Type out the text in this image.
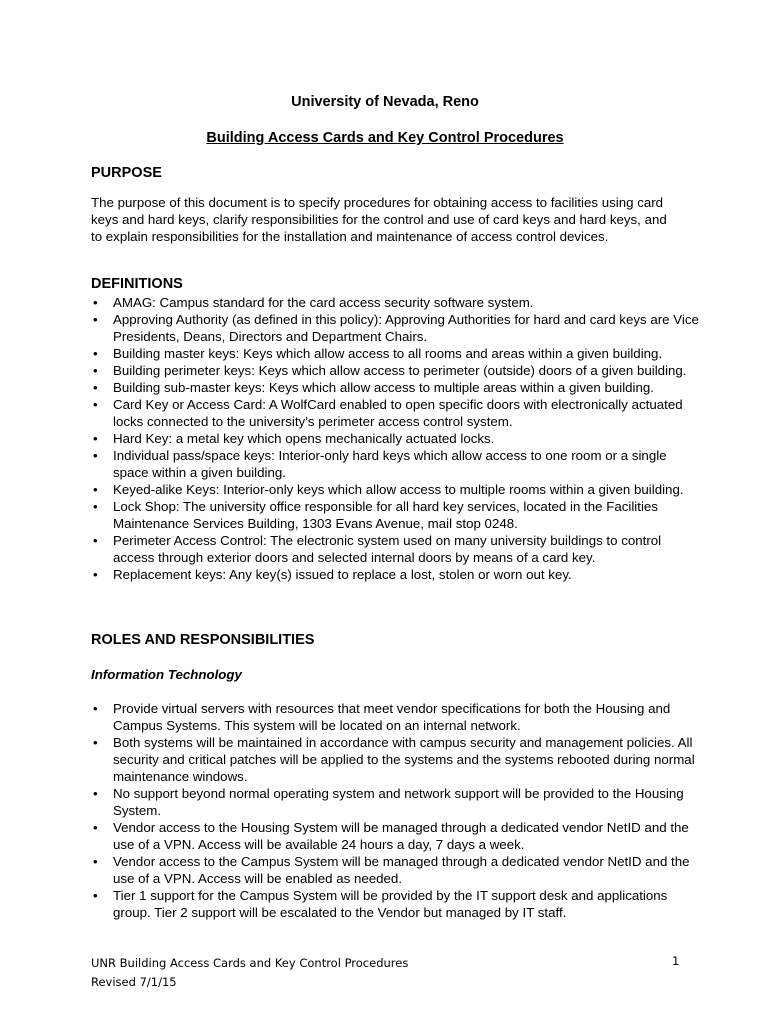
University of Nevada, Reno
Building Access Cards and Key Control Procedures
PURPOSE
The purpose of this document is to specify procedures for obtaining access to facilities using card keys and hard keys, clarify responsibilities for the control and use of card keys and hard keys, and to explain responsibilities for the installation and maintenance of access control devices.
DEFINITIONS
• AMAG: Campus standard for the card access security software system.
• Approving Authority (as defined in this policy): Approving Authorities for hard and card keys are Vice Presidents, Deans, Directors and Department Chairs.
• Building master keys: Keys which allow access to all rooms and areas within a given building.
• Building perimeter keys: Keys which allow access to perimeter (outside) doors of a given building.
• Building sub-master keys: Keys which allow access to multiple areas within a given building.
• Card Key or Access Card: A WolfCard enabled to open specific doors with electronically actuated locks connected to the university’s perimeter access control system.
• Hard Key: a metal key which opens mechanically actuated locks.
• Individual pass/space keys: Interior-only hard keys which allow access to one room or a single space within a given building.
• Keyed-alike Keys: Interior-only keys which allow access to multiple rooms within a given building.
• Lock Shop: The university office responsible for all hard key services, located in the Facilities Maintenance Services Building, 1303 Evans Avenue, mail stop 0248.
• Perimeter Access Control: The electronic system used on many university buildings to control access through exterior doors and selected internal doors by means of a card key.
• Replacement keys: Any key(s) issued to replace a lost, stolen or worn out key.
ROLES AND RESPONSIBILITIES
Information Technology
• Provide virtual servers with resources that meet vendor specifications for both the Housing and Campus Systems. This system will be located on an internal network.
• Both systems will be maintained in accordance with campus security and management policies. All security and critical patches will be applied to the systems and the systems rebooted during normal maintenance windows.
• No support beyond normal operating system and network support will be provided to the Housing System.
• Vendor access to the Housing System will be managed through a dedicated vendor NetID and the use of a VPN. Access will be available 24 hours a day, 7 days a week.
• Vendor access to the Campus System will be managed through a dedicated vendor NetID and the use of a VPN. Access will be enabled as needed.
• Tier 1 support for the Campus System will be provided by the IT support desk and applications group. Tier 2 support will be escalated to the Vendor but managed by IT staff.
UNR Building Access Cards and Key Control Procedures
Revised 7/1/15
1
